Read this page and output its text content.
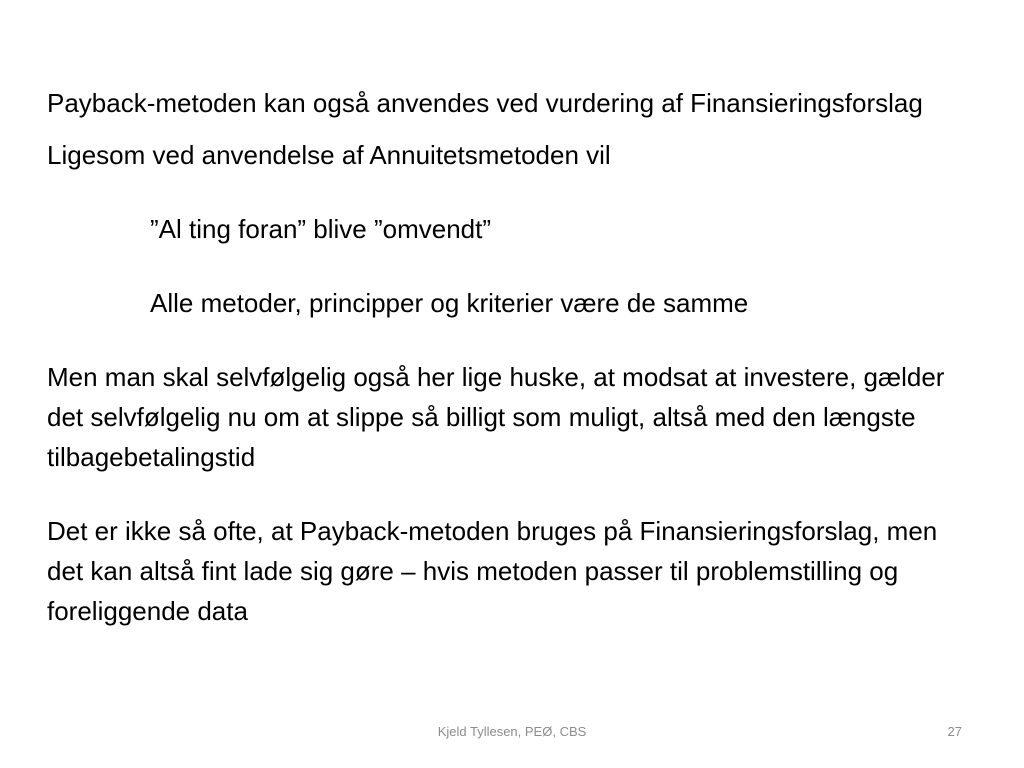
Payback-metoden kan også anvendes ved vurdering af Finansieringsforslag

Ligesom ved anvendelse af Annuitetsmetoden vil

”Al ting foran” blive ”omvendt”

Alle metoder, principper og kriterier være de samme

Men man skal selvfølgelig også her lige huske, at modsat at investere, gælder det selvfølgelig nu om at slippe så billigt som muligt, altså med den længste tilbagebetalingstid

Det er ikke så ofte, at Payback-metoden bruges på Finansieringsforslag, men det kan altså fint lade sig gøre – hvis metoden passer til problemstilling og foreliggende data

Kjeld Tyllesen, PEØ, CBS	27
